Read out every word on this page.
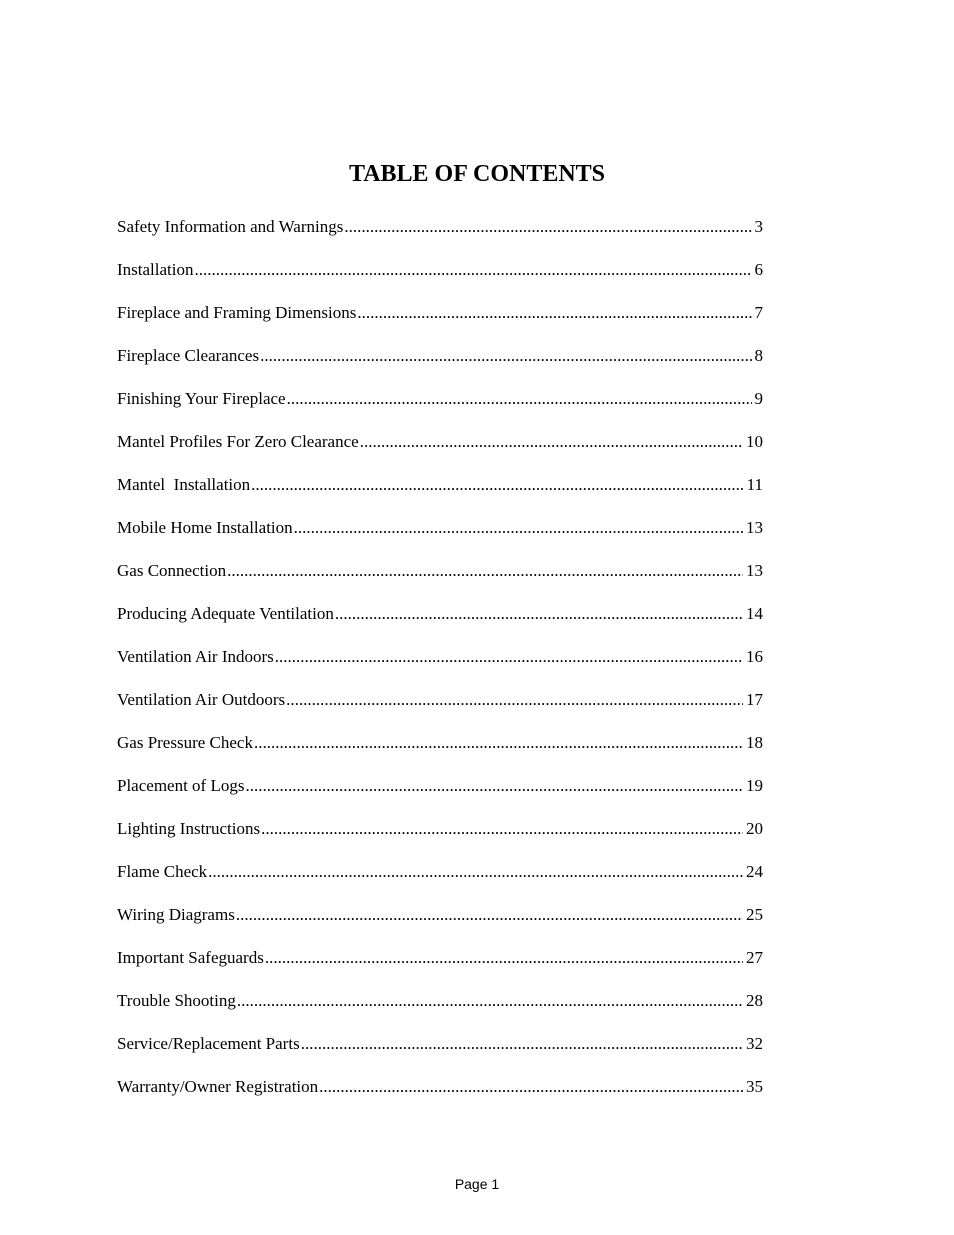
TABLE OF CONTENTS
Safety Information and Warnings .....	3
Installation .....	6
Fireplace and Framing Dimensions .....	7
Fireplace Clearances .....	8
Finishing Your Fireplace .....	9
Mantel Profiles For Zero Clearance .....	10
Mantel  Installation .....	11
Mobile Home Installation .....	13
Gas Connection .....	13
Producing Adequate Ventilation .....	14
Ventilation Air Indoors .....	16
Ventilation Air Outdoors .....	17
Gas Pressure Check .....	18
Placement of Logs .....	19
Lighting Instructions .....	20
Flame Check .....	24
Wiring Diagrams .....	25
Important Safeguards .....	27
Trouble Shooting .....	28
Service/Replacement Parts .....	32
Warranty/Owner Registration .....	35
Page 1
